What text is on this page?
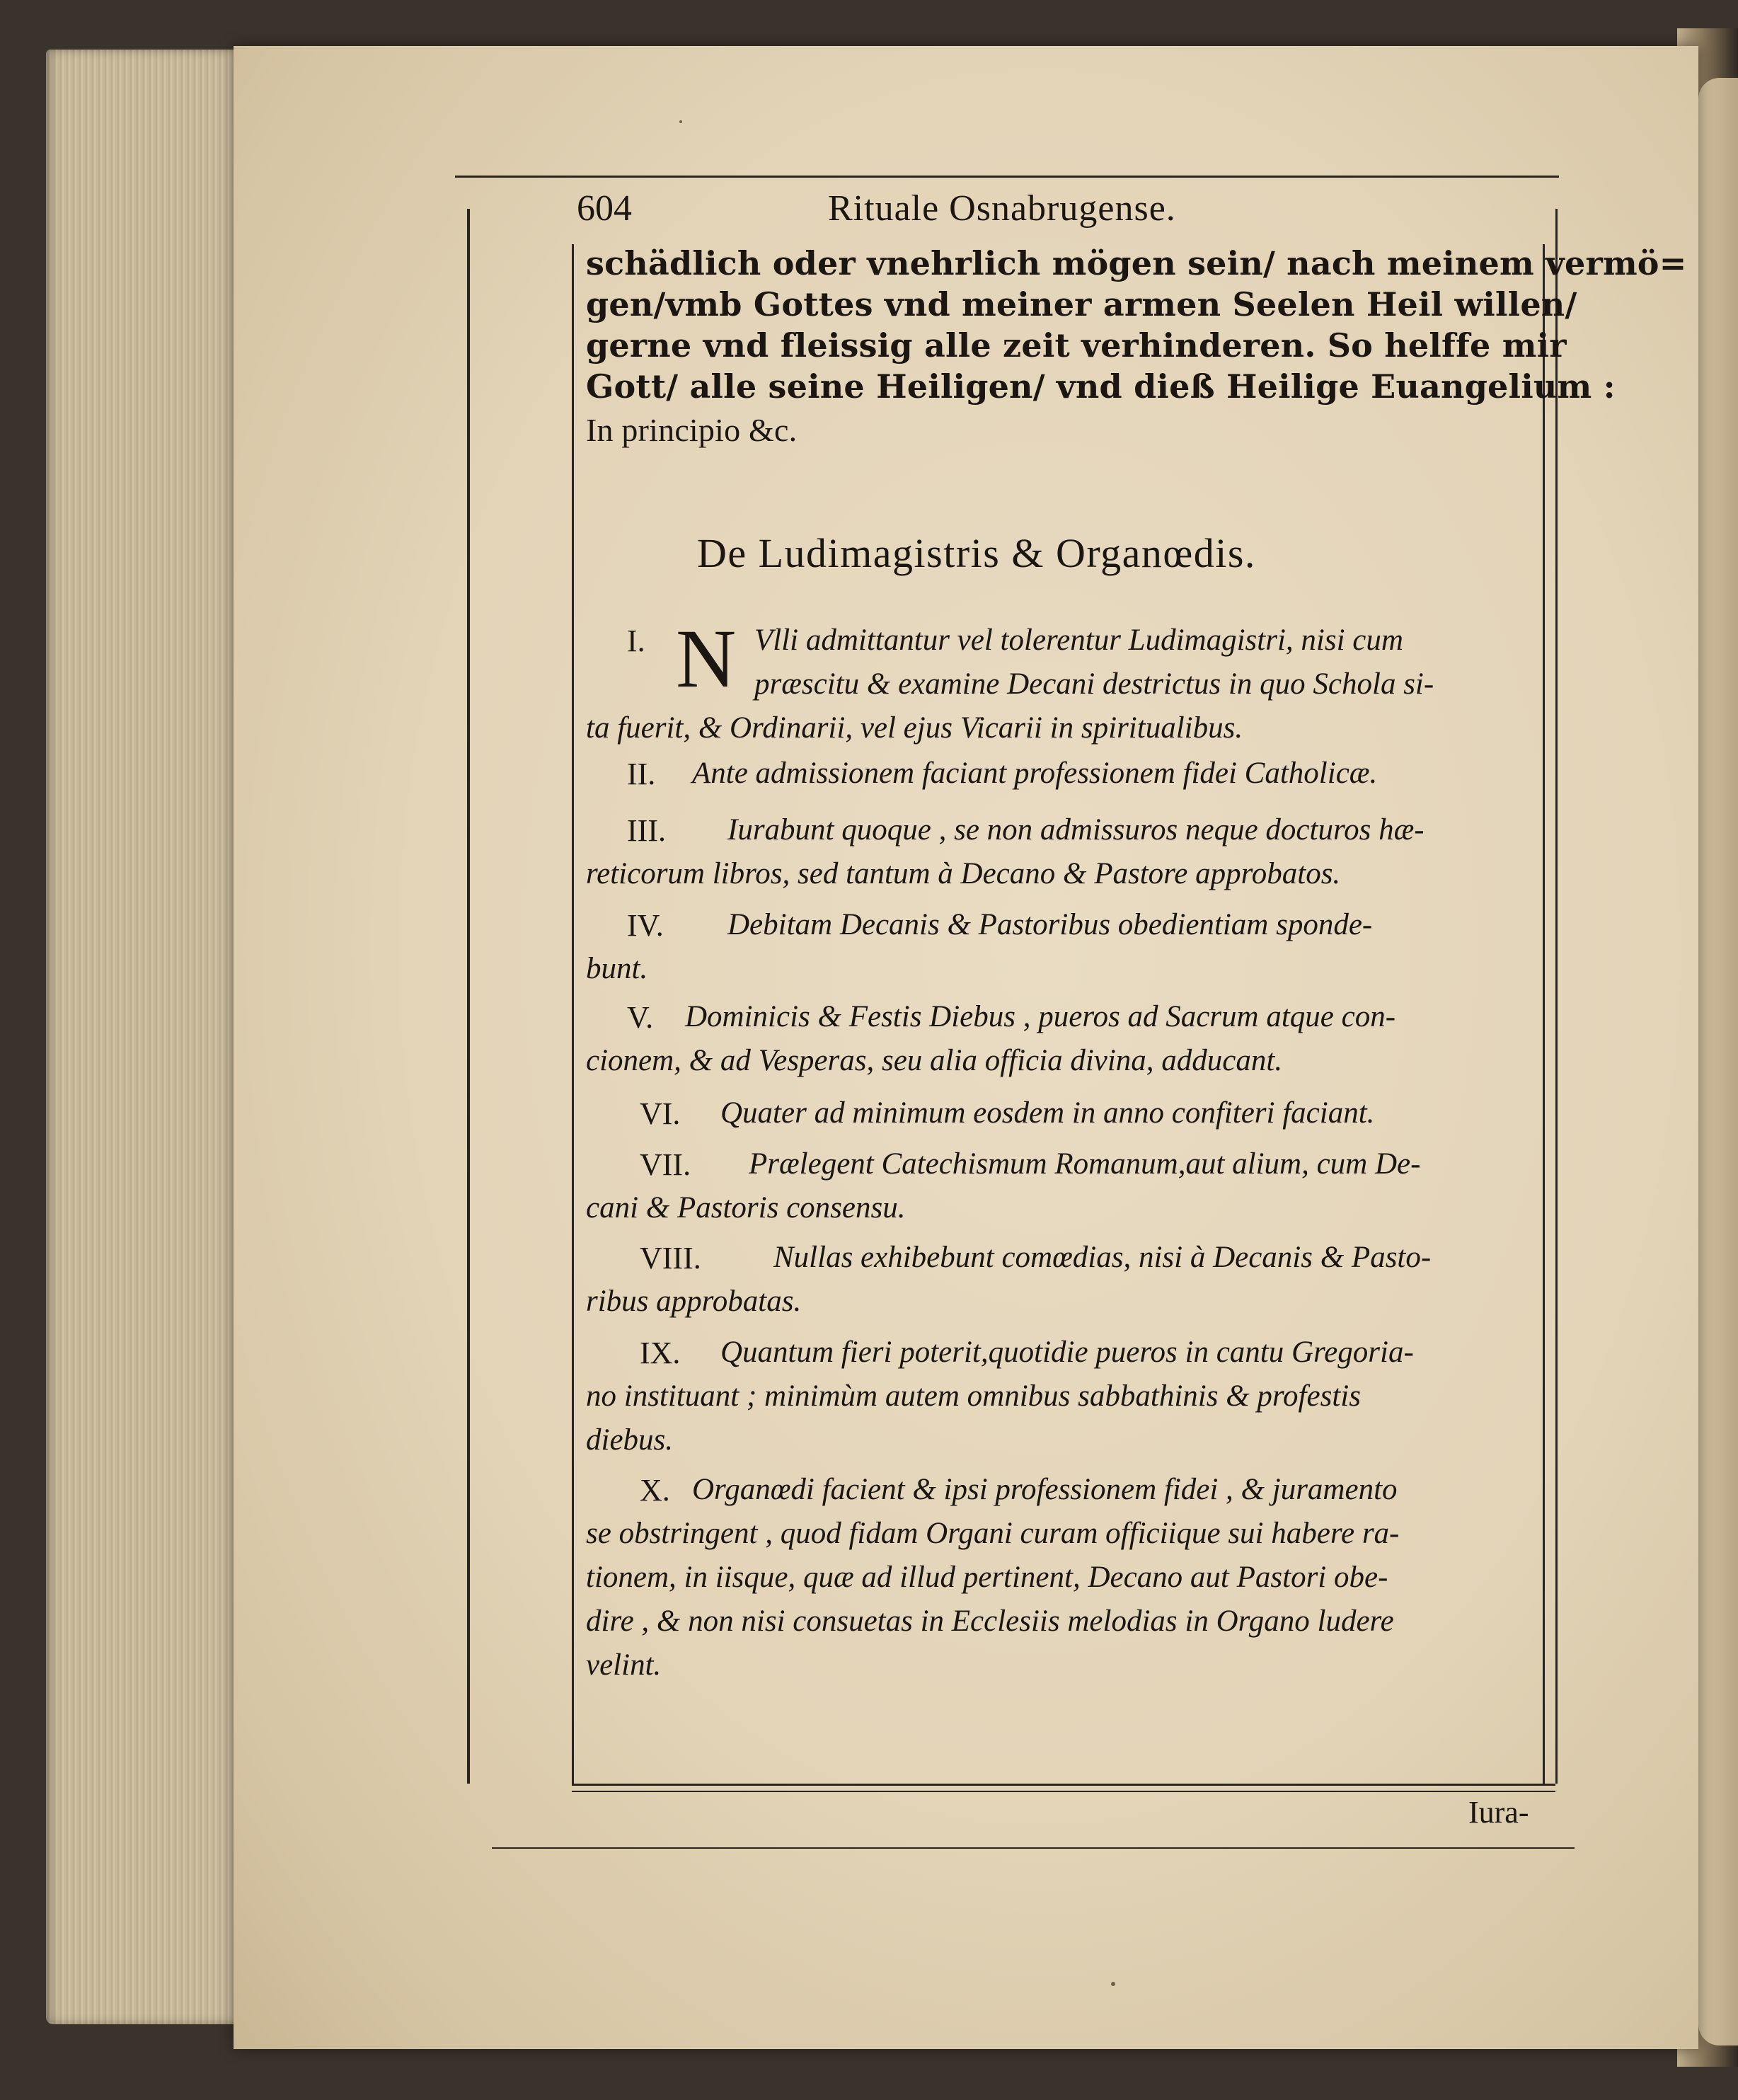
604	Rituale Osnabrugense.
schädlich oder vnehrlich mögen sein/ nach meinem vermö=
gen/vmb Gottes vnd meiner armen Seelen Heil willen/
gerne vnd fleissig alle zeit verhinderen. So helffe mir
Gott/ alle seine Heiligen/ vnd dieß Heilige Euangelium :
In principio &c.
De Ludimagistris & Organœdis.
I.	Vlli admittantur vel tolerentur Ludimagistri, nisi cum
præscitu & examine Decani destrictus in quo Schola si-
ta fuerit, & Ordinarii, vel ejus Vicarii in spiritualibus.
N
II. Ante admissionem faciant professionem fidei Catholicæ.
III. Iurabunt quoque , se non admissuros neque docturos hæ-
reticorum libros, sed tantum à Decano & Pastore approbatos.
IV. Debitam Decanis & Pastoribus obedientiam sponde-
bunt.
V. Dominicis & Festis Diebus , pueros ad Sacrum atque con-
cionem, & ad Vesperas, seu alia officia divina, adducant.
VI. Quater ad minimum eosdem in anno confiteri faciant.
VII. Prælegent Catechismum Romanum,aut alium, cum De-
cani & Pastoris consensu.
VIII. Nullas exhibebunt comœdias, nisi à Decanis & Pasto-
ribus approbatas.
IX. Quantum fieri poterit,quotidie pueros in cantu Gregoria-
no instituant ; minimùm autem omnibus sabbathinis & profestis
diebus.
X. Organœdi facient & ipsi professionem fidei , & juramento
se obstringent , quod fidam Organi curam officiique sui habere ra-
tionem, in iisque, quæ ad illud pertinent, Decano aut Pastori obe-
dire , & non nisi consuetas in Ecclesiis melodias in Organo ludere
velint.
Iura-
